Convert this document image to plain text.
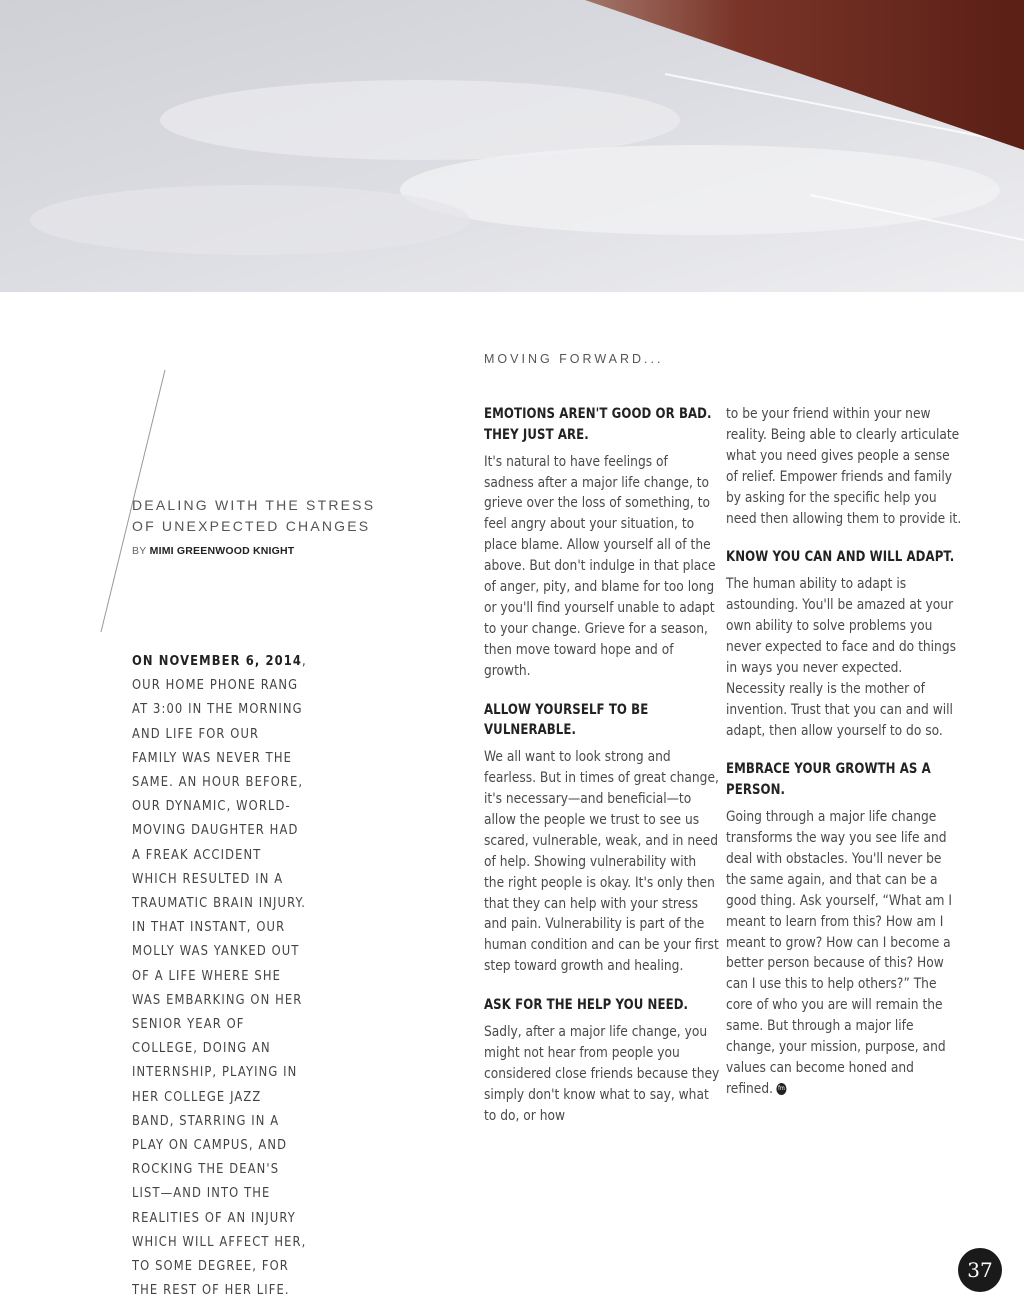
MOVING FORWARD...
DEALING WITH THE STRESS OF UNEXPECTED CHANGES
BY MIMI GREENWOOD KNIGHT
ON NOVEMBER 6, 2014, OUR HOME PHONE RANG AT 3:00 IN THE MORNING AND LIFE FOR OUR FAMILY WAS NEVER THE SAME. AN HOUR BEFORE, OUR DYNAMIC, WORLD-MOVING DAUGHTER HAD A FREAK ACCIDENT WHICH RESULTED IN A TRAUMATIC BRAIN INJURY. IN THAT INSTANT, OUR MOLLY WAS YANKED OUT OF A LIFE WHERE SHE WAS EMBARKING ON HER SENIOR YEAR OF COLLEGE, DOING AN INTERNSHIP, PLAYING IN HER COLLEGE JAZZ BAND, STARRING IN A PLAY ON CAMPUS, AND ROCKING THE DEAN'S LIST—AND INTO THE REALITIES OF AN INJURY WHICH WILL AFFECT HER, TO SOME DEGREE, FOR THE REST OF HER LIFE.
EMOTIONS AREN'T GOOD OR BAD. THEY JUST ARE.
It's natural to have feelings of sadness after a major life change, to grieve over the loss of something, to feel angry about your situation, to place blame. Allow yourself all of the above. But don't indulge in that place of anger, pity, and blame for too long or you'll find yourself unable to adapt to your change. Grieve for a season, then move toward hope and of growth.
ALLOW YOURSELF TO BE VULNERABLE.
We all want to look strong and fearless. But in times of great change, it's necessary—and beneficial—to allow the people we trust to see us scared, vulnerable, weak, and in need of help. Showing vulnerability with the right people is okay. It's only then that they can help with your stress and pain. Vulnerability is part of the human condition and can be your first step toward growth and healing.
ASK FOR THE HELP YOU NEED.
Sadly, after a major life change, you might not hear from people you considered close friends because they simply don't know what to say, what to do, or how
to be your friend within your new reality. Being able to clearly articulate what you need gives people a sense of relief. Empower friends and family by asking for the specific help you need then allowing them to provide it.
KNOW YOU CAN AND WILL ADAPT.
The human ability to adapt is astounding. You'll be amazed at your own ability to solve problems you never expected to face and do things in ways you never expected. Necessity really is the mother of invention. Trust that you can and will adapt, then allow yourself to do so.
EMBRACE YOUR GROWTH AS A PERSON.
Going through a major life change transforms the way you see life and deal with obstacles. You'll never be the same again, and that can be a good thing. Ask yourself, “What am I meant to learn from this? How am I meant to grow? How can I become a better person because of this? How can I use this to help others?” The core of who you are will remain the same. But through a major life change, your mission, purpose, and values can become honed and refined. fm
37
